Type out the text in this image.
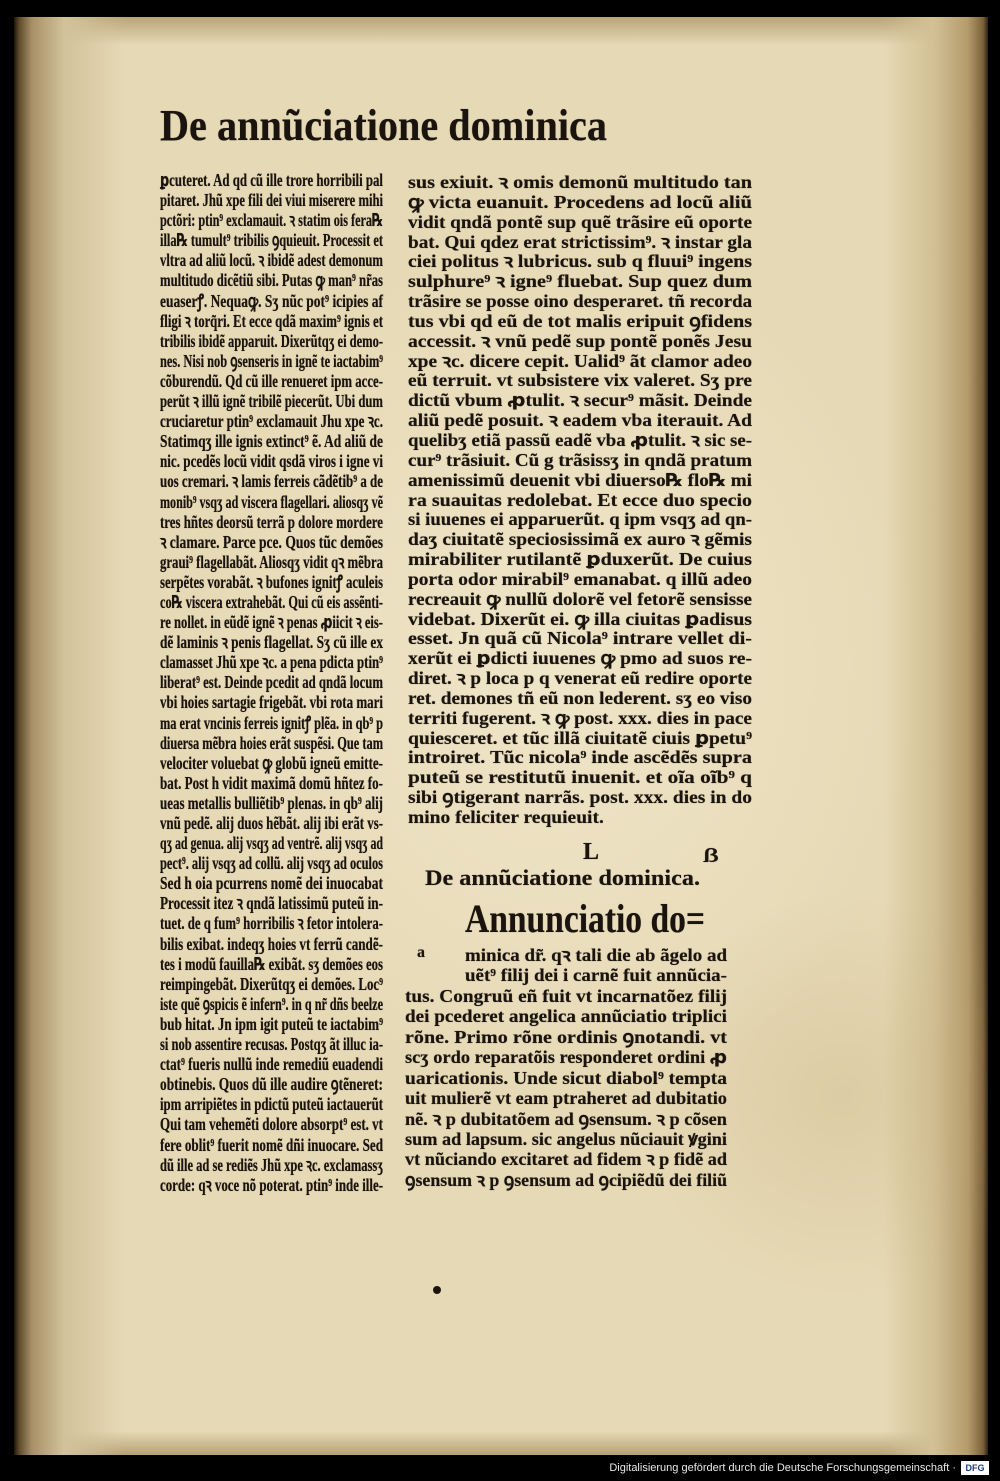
De annũciatione dominica
ꝑcuteret. Ad qd cũ ille trore horribili pal
pitaret. Jhũ xpe fili dei viui miserere mihi
pctõri: ptin⁹ exclamauit. ꝛ statim ois fera℞
illa℞ tumult⁹ tribilis ꝯquieuit. Processit et
vltra ad aliũ locũ. ꝛ ibidẽ adest demonum
multitudo dicẽtiũ sibi. Putas ꝙ man⁹ nr̃as
euaserꝭ. Nequaꝙ. Sʒ nũc pot⁹ icipies af
fligi ꝛ torq̃ri. Et ecce qdã maxim⁹ ignis et
tribilis ibidẽ apparuit. Dixerũtqʒ ei demo-
nes. Nisi nob ꝯsenseris in ignẽ te iactabim⁹
cõburendũ. Qd cũ ille renueret ipm acce-
perũt ꝛ illũ ignẽ tribilẽ piecerũt. Ubi dum
cruciaretur ptin⁹ exclamauit Jhu xpe ꝛc.
Statimqʒ ille ignis extinct⁹ ẽ. Ad aliũ de
nic. pcedẽs locũ vidit qsdã viros i igne vi
uos cremari. ꝛ lamis ferreis cãdẽtib⁹ a de
monib⁹ vsqʒ ad viscera flagellari. aliosqʒ vẽ
tres hñtes deorsũ terrã p dolore mordere
ꝛ clamare. Parce pce. Quos tũc demões
graui⁹ flagellabãt. Aliosqʒ vidit qꝛ mẽbra
serpẽtes vorabãt. ꝛ bufones ignitꝭ aculeis
co℞ viscera extrahebãt. Qui cũ eis assẽnti-
re nollet. in eũdẽ ignẽ ꝛ penas ꝓiicit ꝛ eis-
dẽ laminis ꝛ penis flagellat. Sʒ cũ ille ex
clamasset Jhũ xpe ꝛc. a pena pdicta ptin⁹
liberat⁹ est. Deinde pcedit ad qndã locum
vbi hoies sartagie frigebãt. vbi rota mari
ma erat vncinis ferreis ignitꝭ plẽa. in qb⁹ p
diuersa mẽbra hoies erãt suspẽsi. Que tam
velociter voluebat ꝙ globũ igneũ emitte-
bat. Post h vidit maximã domũ hñtez fo-
ueas metallis bulliẽtib⁹ plenas. in qb⁹ alij
vnũ pedẽ. alij duos hẽbãt. alij ibi erãt vs-
qʒ ad genua. alij vsqʒ ad ventrẽ. alij vsqʒ ad
pect⁹. alij vsqʒ ad collũ. alij vsqʒ ad oculos
Sed h oia pcurrens nomẽ dei inuocabat
Processit itez ꝛ qndã latissimũ puteũ in-
tuet. de q fum⁹ horribilis ꝛ fetor intolera-
bilis exibat. indeqʒ hoies vt ferrũ candẽ-
tes i modũ fauilla℞ exibãt. sʒ demões eos
reimpingebãt. Dixerũtqʒ ei demões. Loc⁹
iste quẽ ꝯspicis ẽ infern⁹. in q nr̃ dñs beelze
bub hitat. Jn ipm igit puteũ te iactabim⁹
si nob assentire recusas. Postqʒ ãt illuc ia-
ctat⁹ fueris nullũ inde remediũ euadendi
obtinebis. Quos dũ ille audire ꝯtẽneret:
ipm arripiẽtes in pdictũ puteũ iactauerũt
Qui tam vehemẽti dolore absorpt⁹ est. vt
fere oblit⁹ fuerit nomẽ dñi inuocare. Sed
dũ ille ad se rediẽs Jhũ xpe ꝛc. exclamassʒ
corde: qꝛ voce nõ poterat. ptin⁹ inde ille-
sus exiuit. ꝛ omis demonũ multitudo tan
ꝙ victa euanuit. Procedens ad locũ aliũ
vidit qndã pontẽ sup quẽ trãsire eũ oporte
bat. Qui qdez erat strictissim⁹. ꝛ instar gla
ciei politus ꝛ lubricus. sub q fluui⁹ ingens
sulphure⁹ ꝛ igne⁹ fluebat. Sup quez dum
trãsire se posse oino desperaret. tñ recorda
tus vbi qd eũ de tot malis eripuit ꝯfidens
accessit. ꝛ vnũ pedẽ sup pontẽ ponẽs Jesu
xpe ꝛc. dicere cepit. Ualid⁹ ãt clamor adeo
eũ terruit. vt subsistere vix valeret. Sʒ pre
dictũ vbum ꝓtulit. ꝛ secur⁹ mãsit. Deinde
aliũ pedẽ posuit. ꝛ eadem vba iterauit. Ad
quelibʒ etiã passũ eadẽ vba ꝓtulit. ꝛ sic se-
cur⁹ trãsiuit. Cũ g trãsissʒ in qndã pratum
amenissimũ deuenit vbi diuerso℞ flo℞ mi
ra suauitas redolebat. Et ecce duo specio
si iuuenes ei apparuerũt. q ipm vsqʒ ad qn-
daʒ ciuitatẽ speciosissimã ex auro ꝛ gẽmis
mirabiliter rutilantẽ ꝑduxerũt. De cuius
porta odor mirabil⁹ emanabat. q illũ adeo
recreauit ꝙ nullũ dolorẽ vel fetorẽ sensisse
videbat. Dixerũt ei. ꝙ illa ciuitas ꝑadisus
esset. Jn quã cũ Nicola⁹ intrare vellet di-
xerũt ei ꝑdicti iuuenes ꝙ pmo ad suos re-
diret. ꝛ p loca p q venerat eũ redire oporte
ret. demones tñ eũ non lederent. sʒ eo viso
territi fugerent. ꝛ ꝙ post. xxx. dies in pace
quiesceret. et tũc illã ciuitatẽ ciuis ꝑpetu⁹
introiret. Tũc nicola⁹ inde ascẽdẽs supra
puteũ se restitutũ inuenit. et oĩa oĩb⁹ q
sibi ꝯtigerant narrãs. post. xxx. dies in do
mino feliciter requieuit.
L	ẞ
De annũciatione dominica.
Annunciatio do=
a minica dr̃. qꝛ tali die ab ãgelo ad
uẽt⁹ filij dei i carnẽ fuit annũcia-
tus. Congruũ eñ fuit vt incarnatõez filij
dei pcederet angelica annũciatio triplici
rõne. Primo rõne ordinis ꝯnotandi. vt
scʒ ordo reparatõis responderet ordini ꝓ
uaricationis. Unde sicut diabol⁹ tempta
uit mulierẽ vt eam ptraheret ad dubitatio
nẽ. ꝛ p dubitatõem ad ꝯsensum. ꝛ p cõsen
sum ad lapsum. sic angelus nũciauit ꝟgini
vt nũciando excitaret ad fidem ꝛ p fidẽ ad
ꝯsensum ꝛ p ꝯsensum ad ꝯcipiẽdũ dei filiũ
Digitalisierung gefördert durch die Deutsche Forschungsgemeinschaft ·	DFG
